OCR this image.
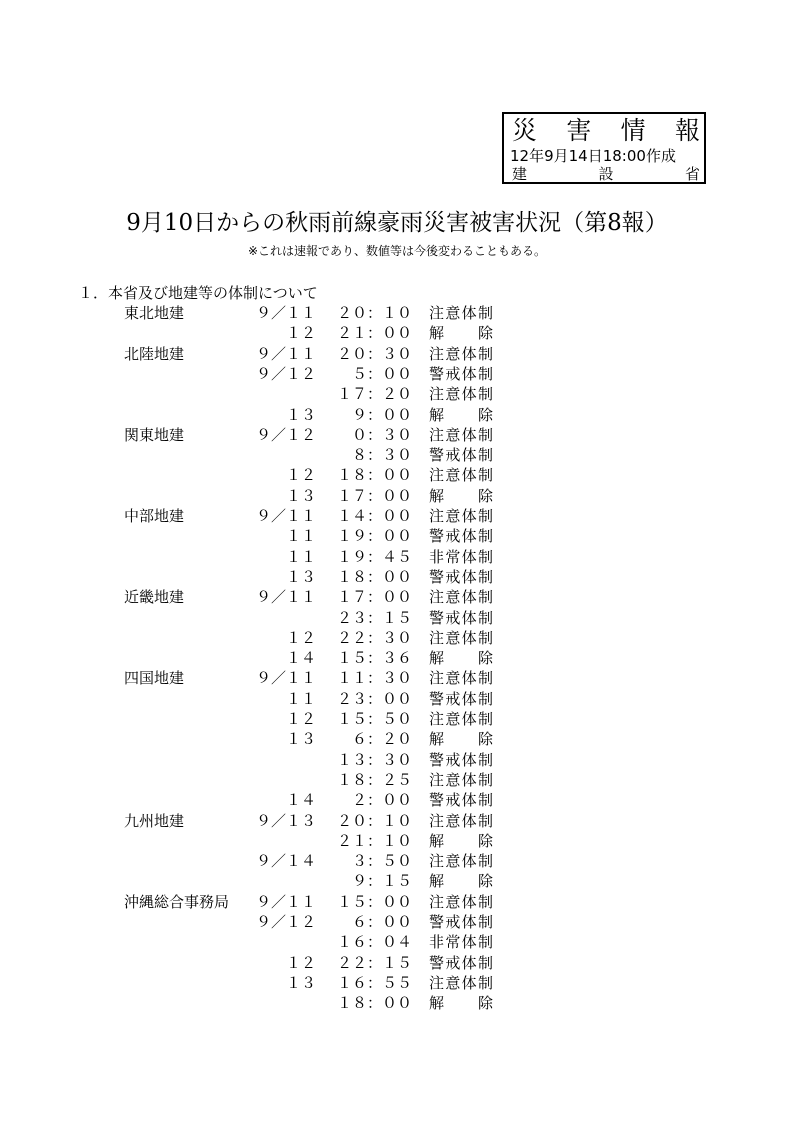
災 害 情 報
12年9月14日18:00作成
建	設	省
9月10日からの秋雨前線豪雨災害被害状況（第8報）
※これは速報であり、数値等は今後変わることもある。
１．本省及び地建等の体制について
東北地建	９／１１	２０：１０ 注意体制
１２	２１：００ 解除
北陸地建	９／１１	２０：３０ 注意体制
９／１２	５：００ 警戒体制
１７：２０ 注意体制
１３	９：００ 解除
関東地建	９／１２	０：３０ 注意体制
８：３０ 警戒体制
１２	１８：００ 注意体制
１３	１７：００ 解除
中部地建	９／１１	１４：００ 注意体制
１１	１９：００ 警戒体制
１１	１９：４５ 非常体制
１３	１８：００ 警戒体制
近畿地建	９／１１	１７：００ 注意体制
２３：１５ 警戒体制
１２	２２：３０ 注意体制
１４	１５：３６ 解除
四国地建	９／１１	１１：３０ 注意体制
１１	２３：００ 警戒体制
１２	１５：５０ 注意体制
１３	６：２０ 解除
１３：３０ 警戒体制
１８：２５ 注意体制
１４	２：００ 警戒体制
九州地建	９／１３	２０：１０ 注意体制
２１：１０ 解除
９／１４	３：５０ 注意体制
９：１５ 解除
沖縄総合事務局 ９／１１	１５：００ 注意体制
９／１２	６：００ 警戒体制
１６：０４ 非常体制
１２	２２：１５ 警戒体制
１３	１６：５５ 注意体制
１８：００ 解除
